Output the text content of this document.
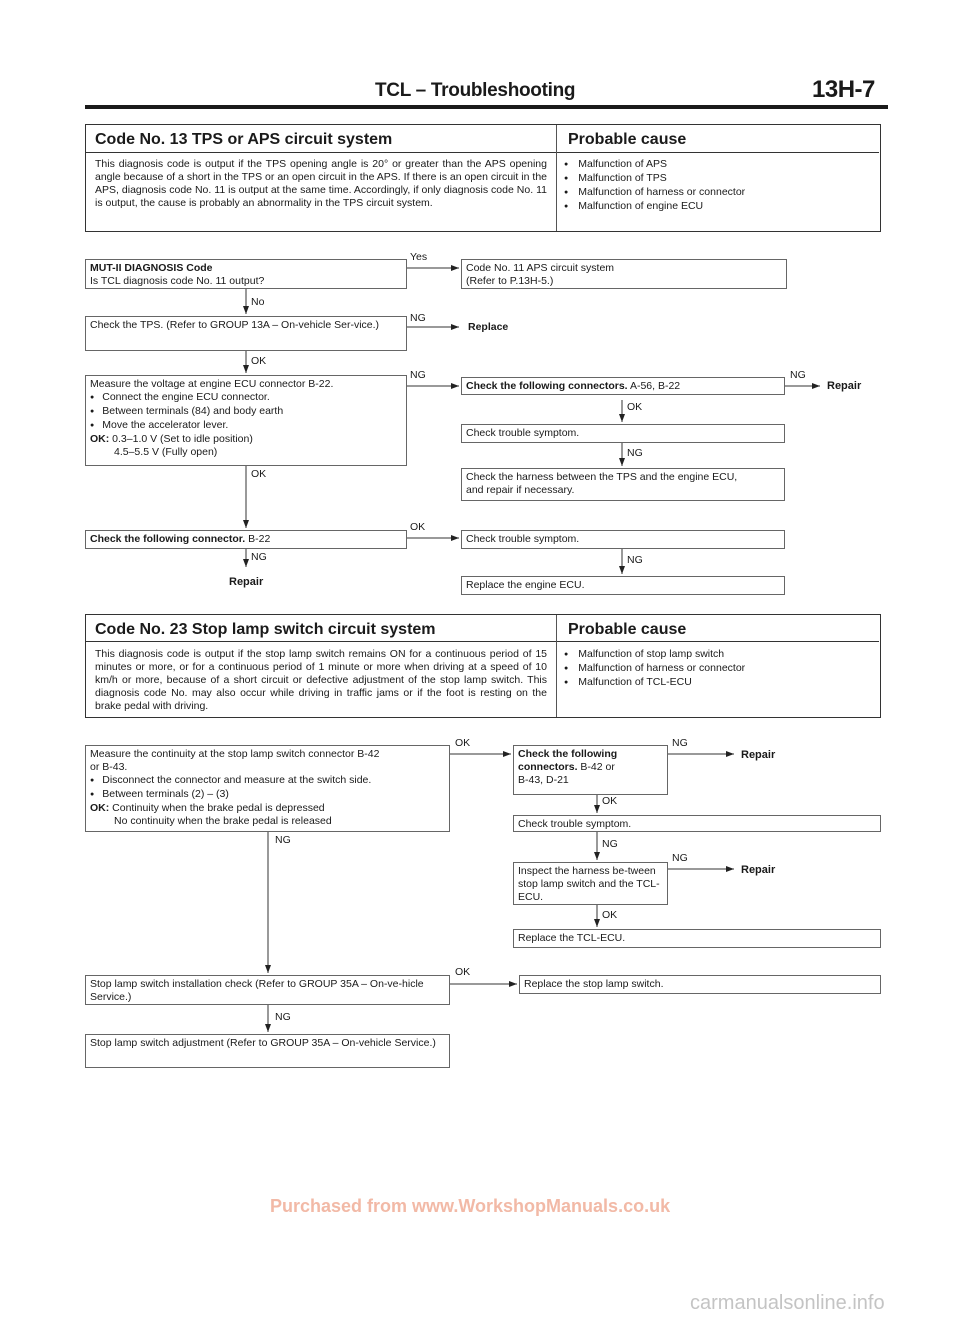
TCL – Troubleshooting	13H-7
Code No. 13 TPS or APS circuit system	Probable cause
This diagnosis code is output if the TPS opening angle is 20° or greater than the APS opening angle because of a short in the TPS or an open circuit in the APS. If there is an open circuit in the APS, diagnosis code No. 11 is output at the same time. Accordingly, if only diagnosis code No. 11 is output, the cause is probably an abnormality in the TPS circuit system.
● Malfunction of APS
● Malfunction of TPS
● Malfunction of harness or connector
● Malfunction of engine ECU
Code No. 23 Stop lamp switch circuit system	Probable cause
This diagnosis code is output if the stop lamp switch remains ON for a continuous period of 15 minutes or more, or for a continuous period of 1 minute or more when driving at a speed of 10 km/h or more, because of a short circuit or defective adjustment of the stop lamp switch. This diagnosis code No. may also occur while driving in traffic jams or if the foot is resting on the brake pedal with driving.
● Malfunction of stop lamp switch
● Malfunction of harness or connector
● Malfunction of TCL-ECU
MUT-II DIAGNOSIS Code
Is TCL diagnosis code No. 11 output?
Yes
Code No. 11 APS circuit system
(Refer to P.13H-5.)
No
Check the TPS. (Refer to GROUP 13A – On-vehicle Ser-vice.)
NG
Replace
OK
Measure the voltage at engine ECU connector B-22.
● Connect the engine ECU connector.
● Between terminals (84) and body earth
● Move the accelerator lever.
OK: 0.3–1.0 V (Set to idle position)
4.5–5.5 V (Fully open)
NG
Check the following connectors. A-56, B-22
NG
Repair
OK
Check trouble symptom.
NG
Check the harness between the TPS and the engine ECU,
and repair if necessary.
OK
Check the following connector. B-22
OK
Check trouble symptom.
NG
Repair
NG
Replace the engine ECU.
Measure the continuity at the stop lamp switch connector B-42
or B-43.
● Disconnect the connector and measure at the switch side.
● Between terminals (2) – (3)
OK: Continuity when the brake pedal is depressed
No continuity when the brake pedal is released
OK
Check the following
connectors. B-42 or
B-43, D-21
NG
Repair
OK
Check trouble symptom.
NG	NG
Inspect the harness be-tween stop lamp switch and the TCL-ECU.
NG
Repair
OK
Replace the TCL-ECU.
Stop lamp switch installation check (Refer to GROUP 35A – On-ve-hicle Service.)
OK
Replace the stop lamp switch.
NG
Stop lamp switch adjustment (Refer to GROUP 35A – On-vehicle Service.)
Purchased from www.WorkshopManuals.co.uk
carmanualsonline.info
